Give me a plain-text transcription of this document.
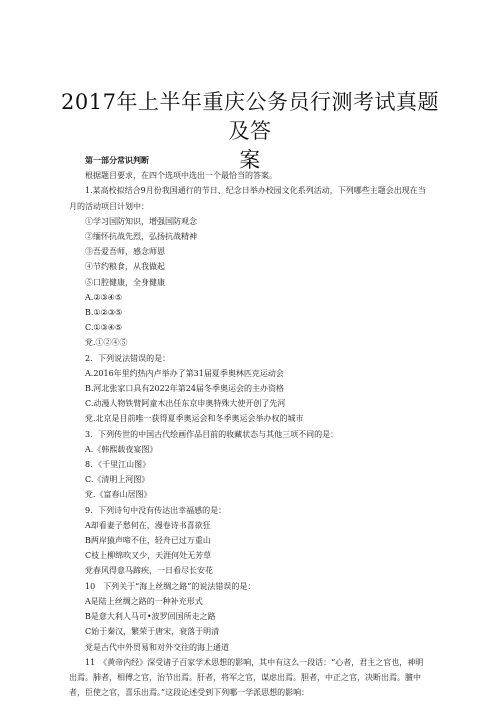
2017年上半年重庆公务员行测考试真题及答
案
第一部分常识判断
根据题目要求，在四个选项中选出一个最恰当的答案。
1.某高校拟结合9月份我国通行的节日、纪念日举办校园文化系列活动，下列哪些主题会出现在当月的活动项目计划中：
①学习国防知识，增强国防观念
②缅怀抗战先烈，弘扬抗战精神
③吾爱吾师，感念师恩
④节约粮食，从我做起
⑤口腔健康，全身健康
A.②③④⑤
B.①②③⑤
C.①③④⑤
党.①②④⑤
2．下列说法错误的是：
A.2016年里约热内卢举办了第31届夏季奥林匹克运动会
B.河北张家口具有2022年第24届冬季奥运会的主办资格
C.动漫人物铁臂阿童木出任东京申奥特殊大使开创了先河
党.北京是目前唯一获得夏季奥运会和冬季奥运会举办权的城市
3．下列传世的中国古代绘画作品目前的收藏状态与其他三项不同的是：
A.《韩熙载夜宴图》
8．《千里江山图》
C.《清明上河图》
党.《富春山居图》
9．下列诗句中没有传达出幸福感的是：
A却看妻子愁何在，漫卷诗书喜欲狂
B两岸猿声啼不住，轻舟已过万重山
C枝上柳绵吹又少，天涯何处无芳草
党春风得意马蹄疾，一日看尽长安花
10　下列关于“海上丝绸之路”的说法错误的是：
A是陆上丝绸之路的一种补充形式
B是意大利人马可•波罗回国所走之路
C始于秦汉，繁荣于唐宋，衰落于明清
党是古代中外贸易和对外交往的海上通道
11　《黄帝内经》深受诸子百家学术思想的影响，其中有这么一段话：“心者，君主之官也，神明出焉。肺者，相傅之官，治节出焉。肝者，将军之官，谋虑出焉。胆者，中正之官，决断出焉。膻中者，臣使之官，喜乐出焉。”这段论述受到下列哪一学派思想的影响：
